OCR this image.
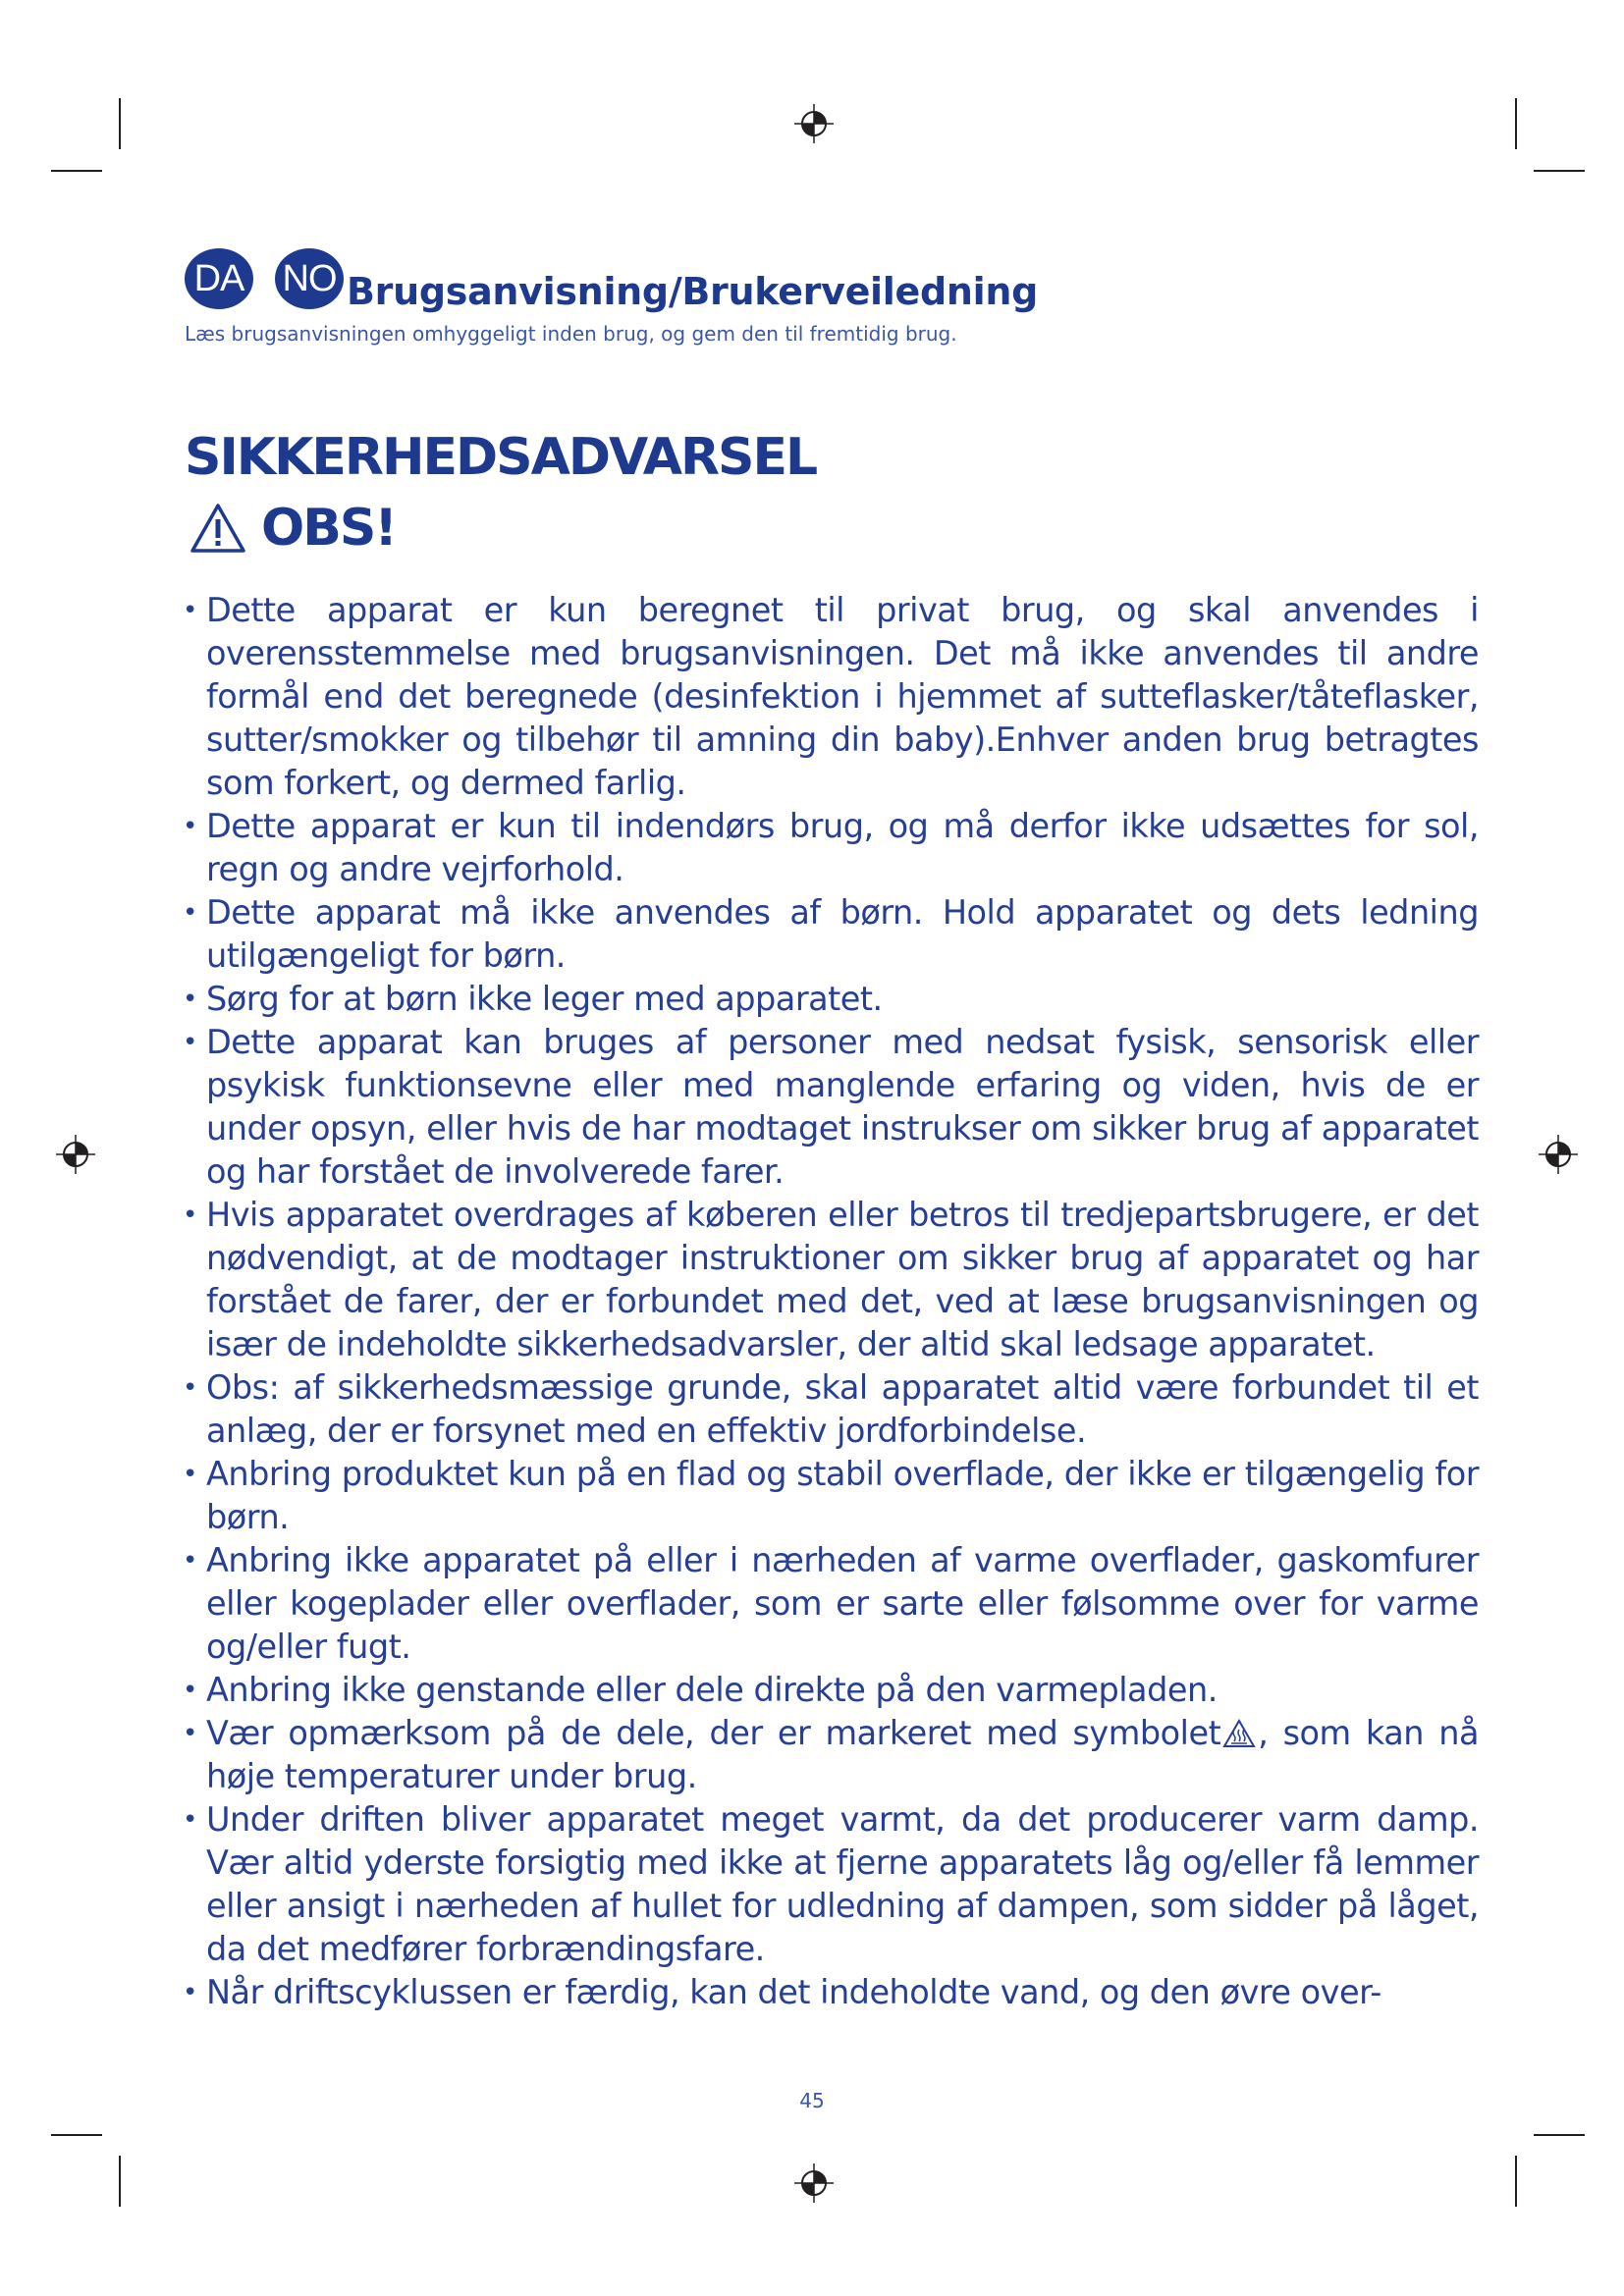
DA NO Brugsanvisning/Brukerveiledning

Læs brugsanvisningen omhyggeligt inden brug, og gem den til fremtidig brug.

SIKKERHEDSADVARSEL
OBS!
• Dette apparat er kun beregnet til privat brug, og skal anvendes i overensstemmelse med brugsanvisningen. Det må ikke anvendes til andre formål end det beregnede (desinfektion i hjemmet af sutteflasker/tåteflasker, sutter/smokker og tilbehør til amning din baby).Enhver anden brug betragtes som forkert, og dermed farlig.
• Dette apparat er kun til indendørs brug, og må derfor ikke udsættes for sol, regn og andre vejrforhold.
• Dette apparat må ikke anvendes af børn. Hold apparatet og dets ledning utilgængeligt for børn.
• Sørg for at børn ikke leger med apparatet.
• Dette apparat kan bruges af personer med nedsat fysisk, sensorisk eller psykisk funktionsevne eller med manglende erfaring og viden, hvis de er under opsyn, eller hvis de har modtaget instrukser om sikker brug af apparatet og har forstået de involverede farer.
• Hvis apparatet overdrages af køberen eller betros til tredjepartsbrugere, er det nødvendigt, at de modtager instruktioner om sikker brug af apparatet og har forstået de farer, der er forbundet med det, ved at læse brugsanvisningen og især de indeholdte sikkerhedsadvarsler, der altid skal ledsage apparatet.
• Obs: af sikkerhedsmæssige grunde, skal apparatet altid være forbundet til et anlæg, der er forsynet med en effektiv jordforbindelse.
• Anbring produktet kun på en flad og stabil overflade, der ikke er tilgængelig for børn.
• Anbring ikke apparatet på eller i nærheden af varme overflader, gaskomfurer eller kogeplader eller overflader, som er sarte eller følsomme over for varme og/eller fugt.
• Anbring ikke genstande eller dele direkte på den varmepladen.
• Vær opmærksom på de dele, der er markeret med symbolet , som kan nå høje temperaturer under brug.
• Under driften bliver apparatet meget varmt, da det producerer varm damp. Vær altid yderste forsigtig med ikke at fjerne apparatets låg og/eller få lemmer eller ansigt i nærheden af hullet for udledning af dampen, som sidder på låget, da det medfører forbrændingsfare.
• Når driftscyklussen er færdig, kan det indeholdte vand, og den øvre over-
45
